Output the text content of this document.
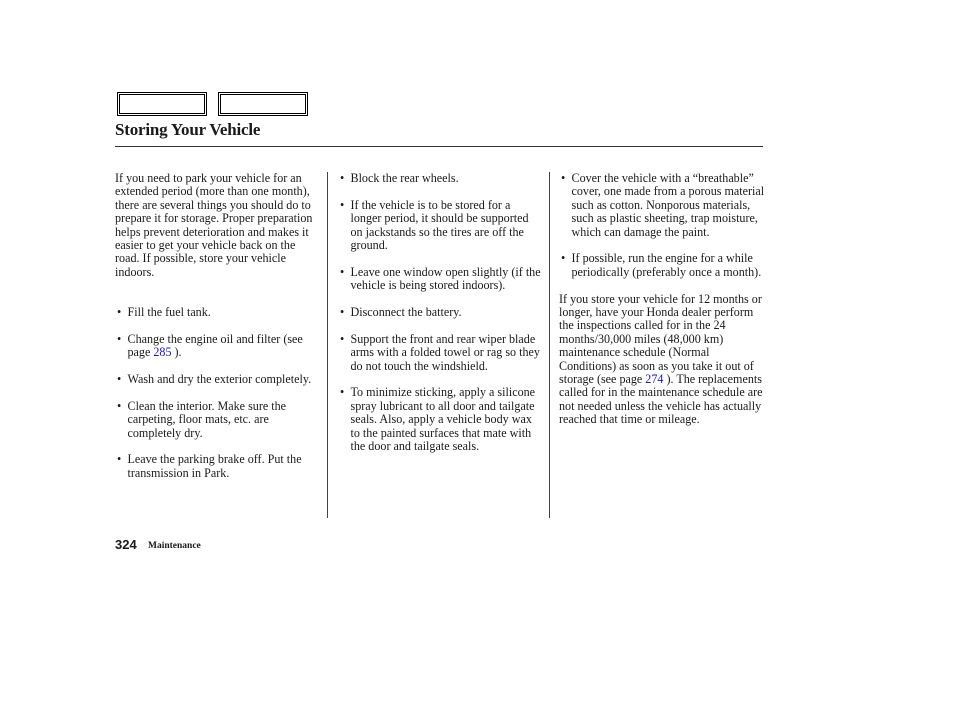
Storing Your Vehicle

If you need to park your vehicle for an extended period (more than one month), there are several things you should do to prepare it for storage. Proper preparation helps prevent deterioration and makes it easier to get your vehicle back on the road. If possible, store your vehicle indoors.

• Fill the fuel tank.

• Change the engine oil and filter (see page 285 ).

• Wash and dry the exterior completely.

• Clean the interior. Make sure the carpeting, floor mats, etc. are completely dry.

• Leave the parking brake off. Put the transmission in Park.

• Block the rear wheels.

• If the vehicle is to be stored for a longer period, it should be supported on jackstands so the tires are off the ground.

• Leave one window open slightly (if the vehicle is being stored indoors).

• Disconnect the battery.

• Support the front and rear wiper blade arms with a folded towel or rag so they do not touch the windshield.

• To minimize sticking, apply a silicone spray lubricant to all door and tailgate seals. Also, apply a vehicle body wax to the painted surfaces that mate with the door and tailgate seals.

• Cover the vehicle with a “breathable” cover, one made from a porous material such as cotton. Nonporous materials, such as plastic sheeting, trap moisture, which can damage the paint.

• If possible, run the engine for a while periodically (preferably once a month).

If you store your vehicle for 12 months or longer, have your Honda dealer perform the inspections called for in the 24 months/30,000 miles (48,000 km) maintenance schedule (Normal Conditions) as soon as you take it out of storage (see page 274 ). The replacements called for in the maintenance schedule are not needed unless the vehicle has actually reached that time or mileage.

324 Maintenance
